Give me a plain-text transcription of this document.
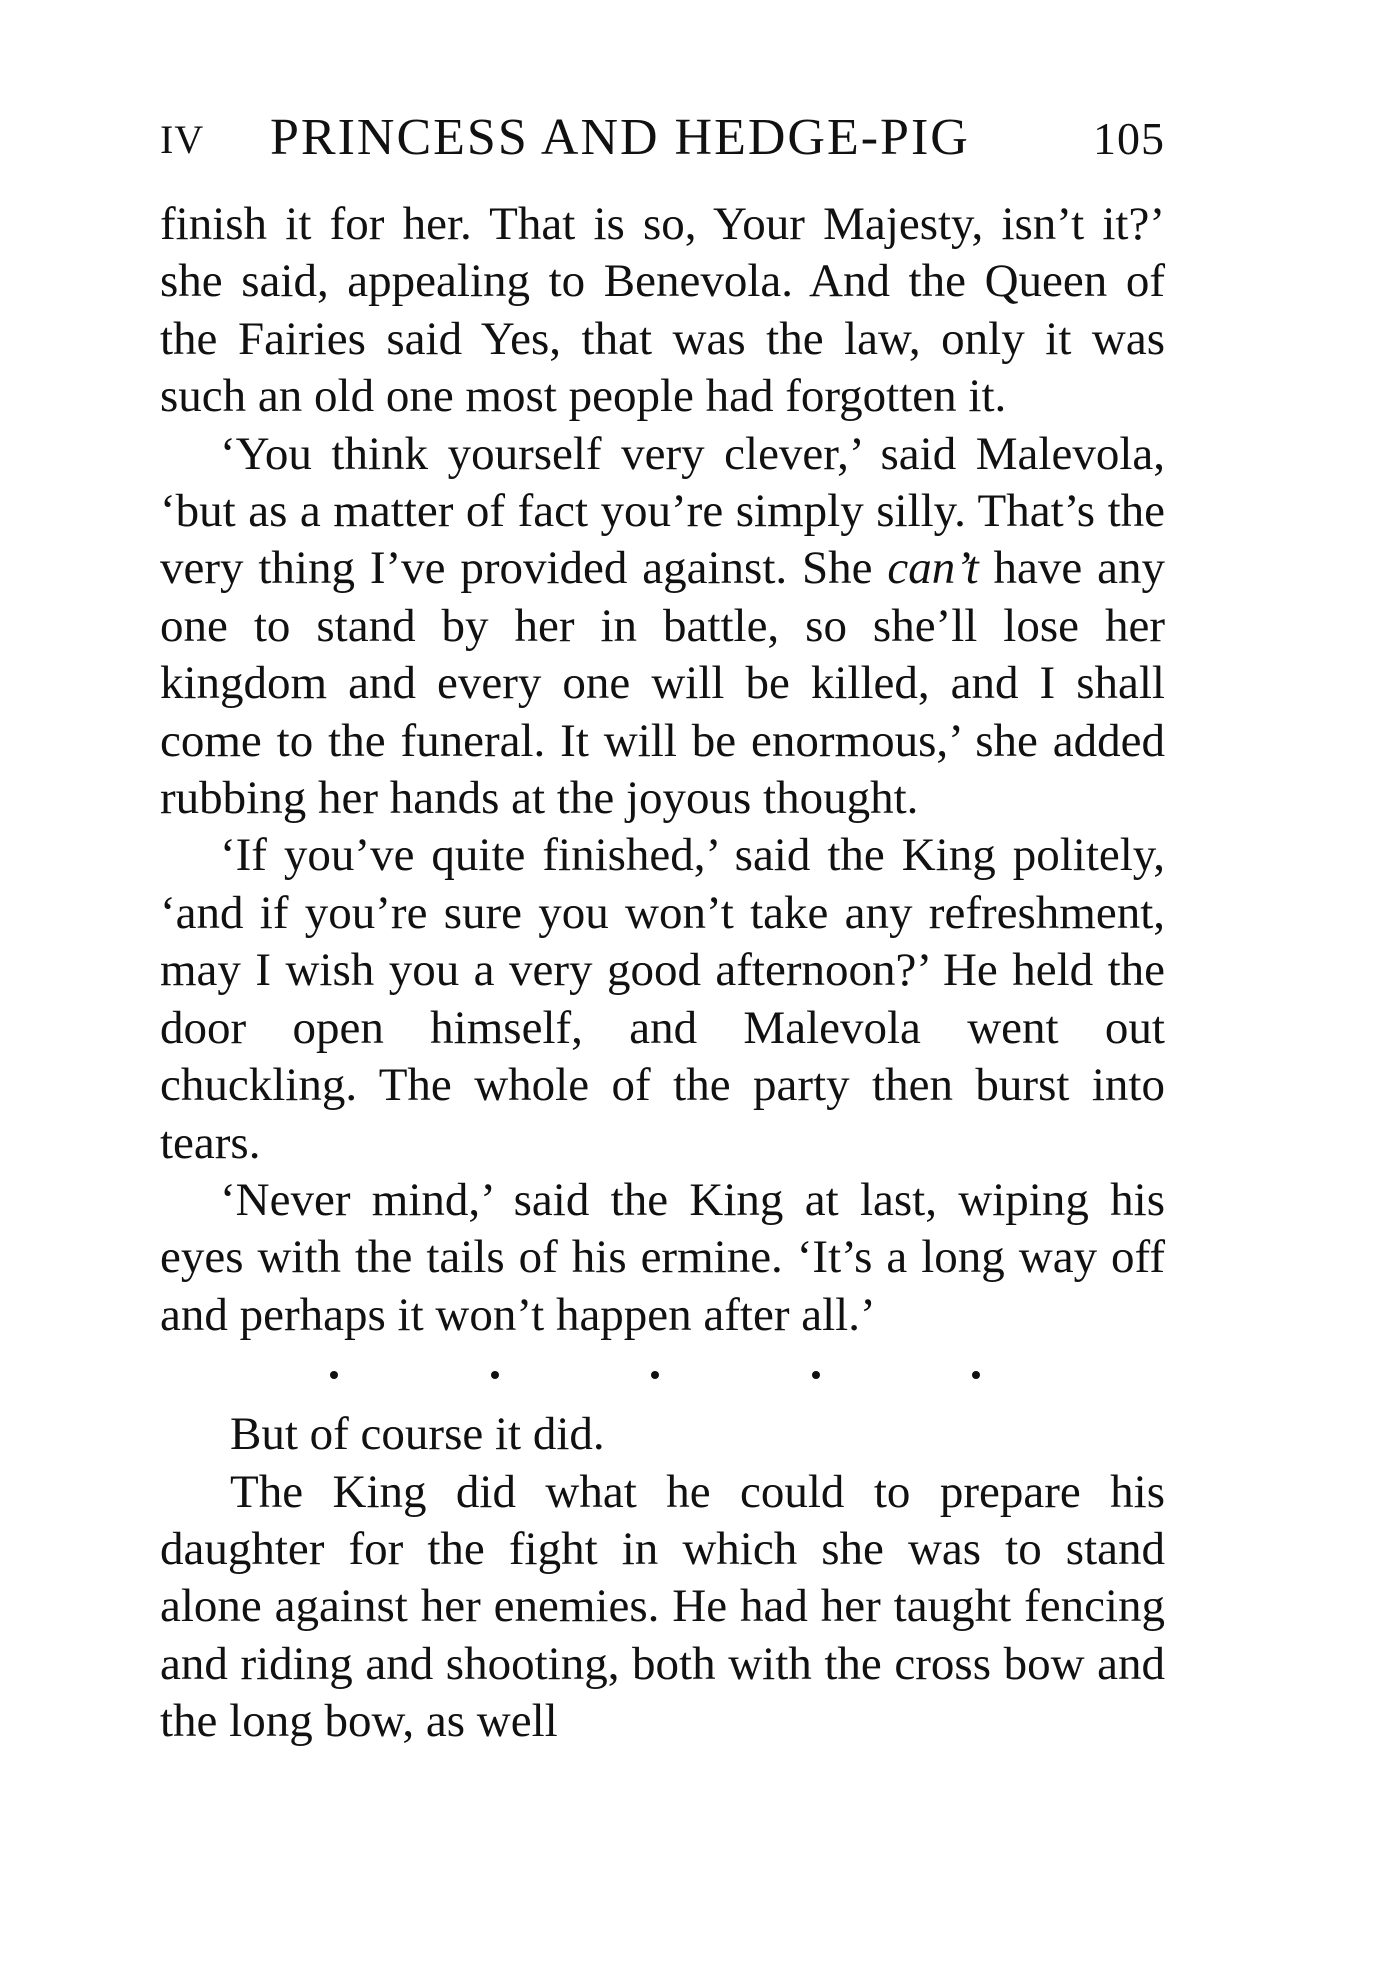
IV PRINCESS AND HEDGE-PIG	105

finish it for her. That is so, Your Majesty, isn’t it?’ she said, appealing to Benevola. And the Queen of the Fairies said Yes, that was the law, only it was such an old one most people had forgotten it.

‘You think yourself very clever,’ said Malevola, ‘but as a matter of fact you’re simply silly. That’s the very thing I’ve provided against. She can’t have any one to stand by her in battle, so she’ll lose her kingdom and every one will be killed, and I shall come to the funeral. It will be enormous,’ she added rubbing her hands at the joyous thought.

‘If you’ve quite finished,’ said the King politely, ‘and if you’re sure you won’t take any refreshment, may I wish you a very good afternoon?’ He held the door open himself, and Malevola went out chuckling. The whole of the party then burst into tears.

‘Never mind,’ said the King at last, wiping his eyes with the tails of his ermine. ‘It’s a long way off and perhaps it won’t happen after all.’

But of course it did.

The King did what he could to prepare his daughter for the fight in which she was to stand alone against her enemies. He had her taught fencing and riding and shooting, both with the cross bow and the long bow, as well
